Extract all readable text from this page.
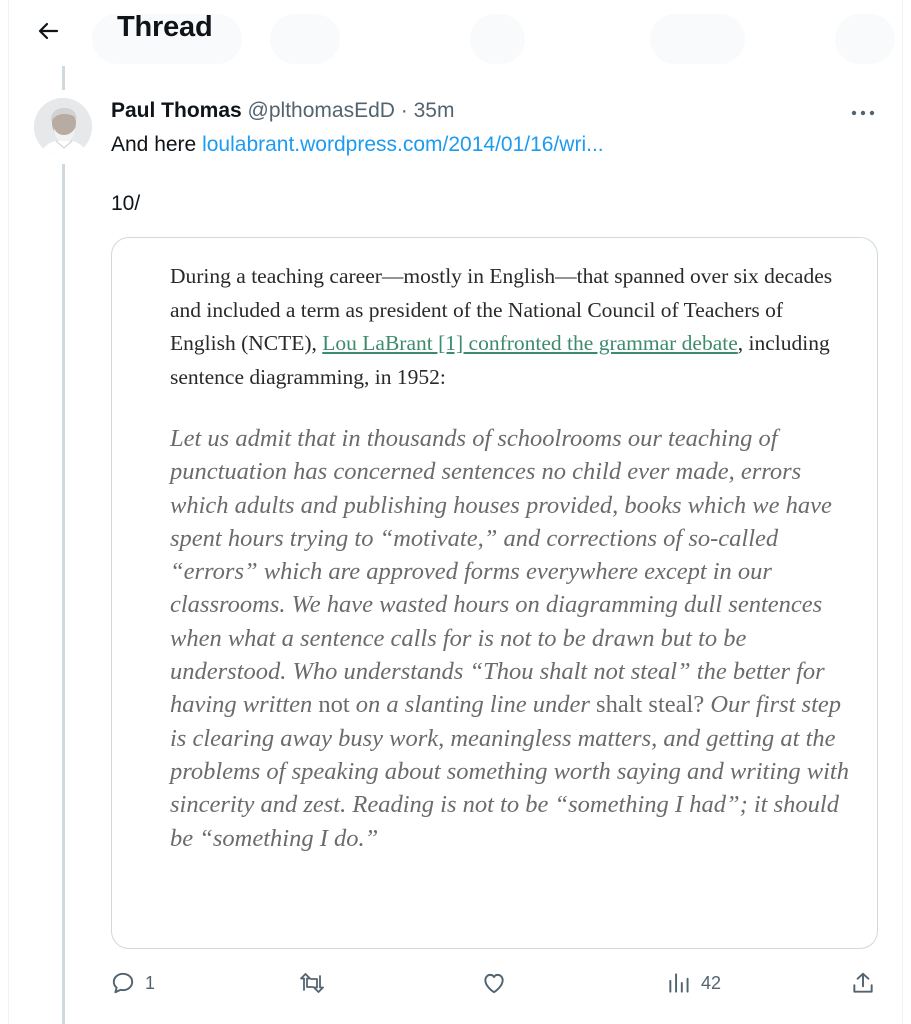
Thread
Paul Thomas @plthomasEdD · 35m
And here loulabrant.wordpress.com/2014/01/16/wri...
10/

During a teaching career—mostly in English—that spanned over six decades and included a term as president of the National Council of Teachers of English (NCTE), Lou LaBrant [1] confronted the grammar debate, including sentence diagramming, in 1952:

Let us admit that in thousands of schoolrooms our teaching of punctuation has concerned sentences no child ever made, errors which adults and publishing houses provided, books which we have spent hours trying to “motivate,” and corrections of so-called “errors” which are approved forms everywhere except in our classrooms. We have wasted hours on diagramming dull sentences when what a sentence calls for is not to be drawn but to be understood. Who understands “Thou shalt not steal” the better for having written not on a slanting line under shalt steal? Our first step is clearing away busy work, meaningless matters, and getting at the problems of speaking about something worth saying and writing with sincerity and zest. Reading is not to be “something I had”; it should be “something I do.”
1	42
